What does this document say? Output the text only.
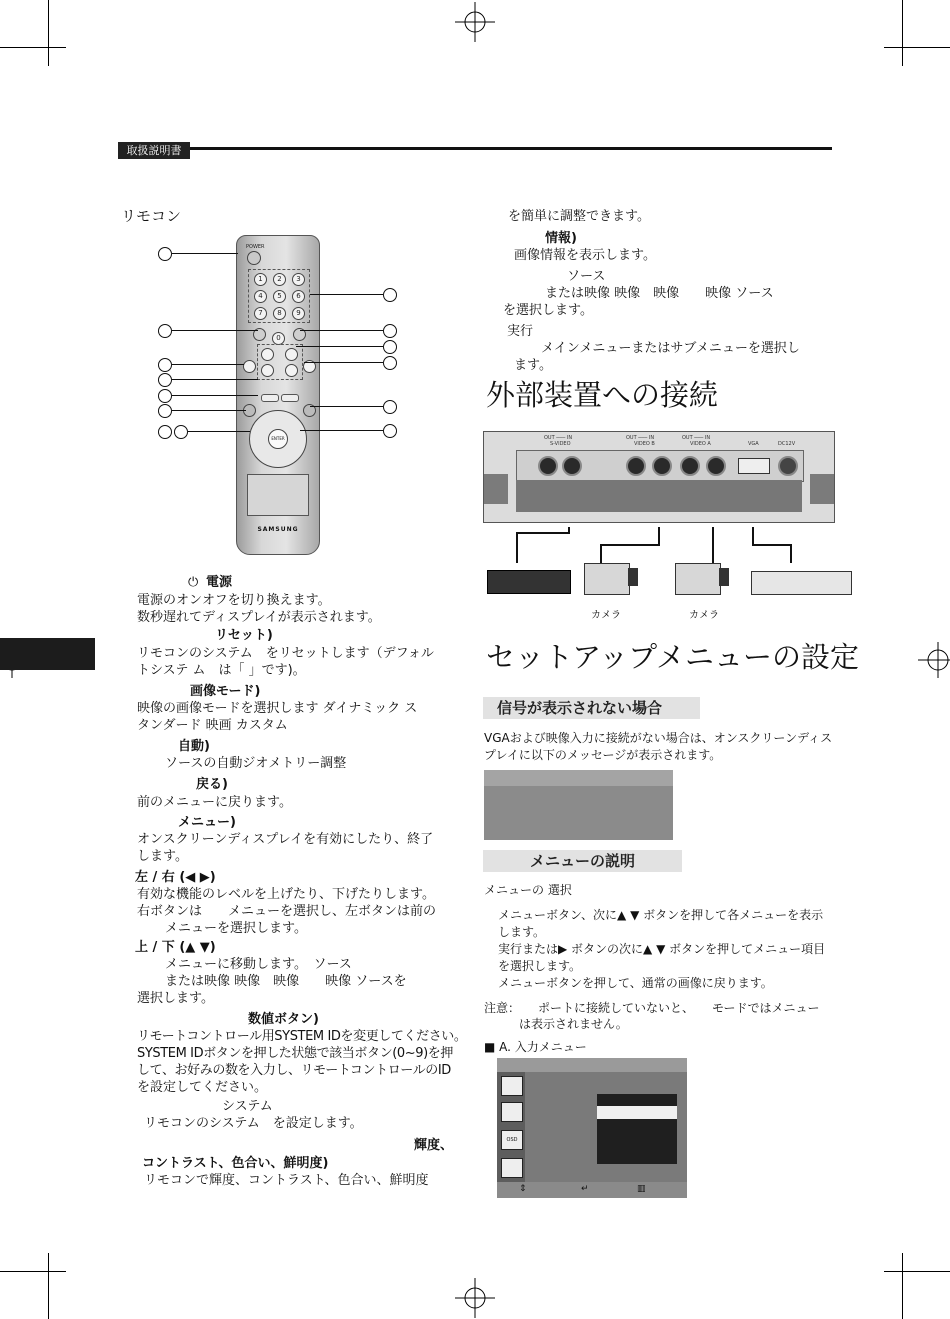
取扱説明書
リモコン
POWER
1	2	3
4	5	6
7	8	9
0
ENTER
SAMSUNG
⏻ 電源
電源のオンオフを切り換えます。
数秒遅れてディスプレイが表示されます。
リセット)
リモコンのシステム　をリセットします（デフォル
トシステ ム　は「 」です)。
画像モード)
映像の画像モードを選択します ダイナミック ス
タンダード 映画 カスタム
自動)
ソースの自動ジオメトリー調整
戻る)
前のメニューに戻ります。
メニュー)
オンスクリーンディスプレイを有効にしたり、終了
します。
左 / 右 (◀ ▶)
有効な機能のレベルを上げたり、下げたりします。
右ボタンは　　メニューを選択し、左ボタンは前の
メニューを選択します。
上 / 下 (▲ ▼)
メニューに移動します。　ソース
または映像 映像　映像　　映像 ソースを
選択します。
数値ボタン)
リモートコントロール用SYSTEM IDを変更してください。
SYSTEM IDボタンを押した状態で該当ボタン(0~9)を押
して、お好みの数を入力し、リモートコントロールのID
を設定してください。
システム
リモコンのシステム　を設定します。
輝度、
コントラスト、色合い、鮮明度)
リモコンで輝度、コントラスト、色合い、鮮明度
を簡単に調整できます。
情報)
画像情報を表示します。
ソース
または映像 映像　映像　　映像 ソース
を選択します。
実行
メインメニューまたはサブメニューを選択し
ます。
外部装置への接続
OUT ─── IN
S-VIDEO
OUT ─── IN
VIDEO B
OUT ─── IN
VIDEO A	VGA	DC12V
カメラ	カメラ
セットアップメニューの設定
信号が表示されない場合
VGAおよび映像入力に接続がない場合は、オンスクリーンディス
プレイに以下のメッセージが表示されます。
メニューの説明
メニューの 選択
メニューボタン、次に▲ ▼ ボタンを押して各メニューを表示
します。
実行または▶ ボタンの次に▲ ▼ ボタンを押してメニュー項目
を選択します。
メニューボタンを押して、通常の画像に戻ります。
注意：　　ポートに接続していないと、　　モードではメニュー
は表示されません。
■ A. 入力メニュー
OSD
⇕	↵	▥
